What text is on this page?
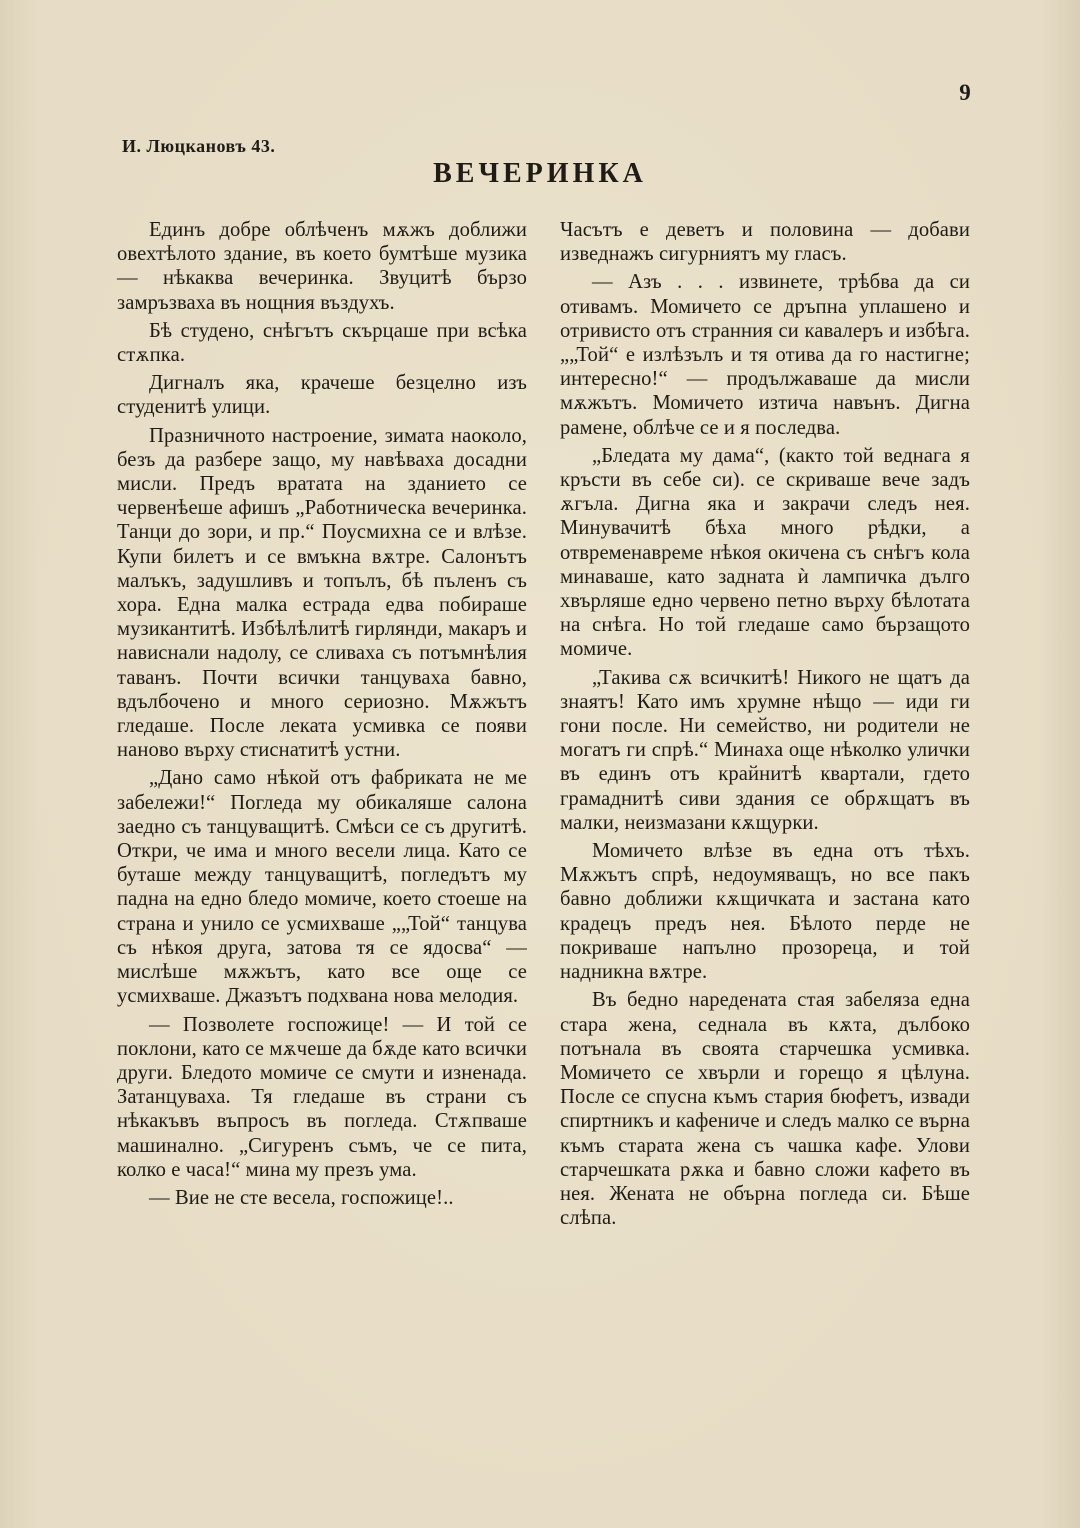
9
И. Люцкановъ 43.
ВЕЧЕРИНКА

Единъ добре облѣченъ мѫжъ доближи овехтѣлото здание, въ което бумтѣше музика — нѣкаква вечеринка. Звуцитѣ бързо замръзваха въ нощния въздухъ.

Бѣ студено, снѣгътъ скърцаше при всѣка стѫпка.

Дигналъ яка, крачеше безцелно изъ студенитѣ улици.

Празничното настроение, зимата наоколо, безъ да разбере защо, му навѣваха досадни мисли. Предъ вратата на зданието се червенѣеше афишъ „Работническа вечеринка. Танци до зори, и пр.“ Поусмихна се и влѣзе. Купи билетъ и се вмъкна вѫтре. Салонътъ малъкъ, задушливъ и топълъ, бѣ пъленъ съ хора. Една малка естрада едва побираше музикантитѣ. Избѣлѣлитѣ гирлянди, макаръ и нависнали надолу, се сливаха съ потъмнѣлия таванъ. Почти всички танцуваха бавно, вдълбочено и много сериозно. Мѫжътъ гледаше. После леката усмивка се появи наново върху стиснатитѣ устни.

„Дано само нѣкой отъ фабриката не ме забележи!“ Погледа му обикаляше салона заедно съ танцуващитѣ. Смѣси се съ другитѣ. Откри, че има и много весели лица. Като се буташе между танцуващитѣ, погледътъ му падна на едно бледо момиче, което стоеше на страна и унило се усмихваше „„Той“ танцува съ нѣкоя друга, затова тя се ядосва“ — мислѣше мѫжътъ, като все още се усмихваше. Джазътъ подхвана нова мелодия.

— Позволете госпожице! — И той се поклони, като се мѫчеше да бѫде като всички други. Бледото момиче се смути и изненада. Затанцуваха. Тя гледаше въ страни съ нѣкакъвъ въпросъ въ погледа. Стѫпваше машинално. „Сигуренъ съмъ, че се пита, колко е часа!“ мина му презъ ума.

— Вие не сте весела, госпожице!..

Часътъ е деветъ и половина — добави изведнажъ сигурниятъ му гласъ.

— Азъ . . . извинете, трѣбва да си отивамъ. Момичето се дръпна уплашено и отривисто отъ странния си кавалеръ и избѣга. „„Той“ е излѣзълъ и тя отива да го настигне; интересно!“ — продължаваше да мисли мѫжътъ. Момичето изтича навънъ. Дигна рамене, облѣче се и я последва.

„Бледата му дама“, (както той веднага я кръсти въ себе си). се скриваше вече задъ ѫгъла. Дигна яка и закрачи следъ нея. Минувачитѣ бѣха много рѣдки, а отвременавреме нѣкоя окичена съ снѣгъ кола минаваше, като задната ѝ лампичка дълго хвърляше едно червено петно върху бѣлотата на снѣга. Но той гледаше само бързащото момиче.

„Такива сѫ всичкитѣ! Никого не щатъ да знаятъ! Като имъ хрумне нѣщо — иди ги гони после. Ни семейство, ни родители не могатъ ги спрѣ.“ Минаха още нѣколко улички въ единъ отъ крайнитѣ квартали, гдето грамаднитѣ сиви здания се обрѫщатъ въ малки, неизмазани кѫщурки.

Момичето влѣзе въ една отъ тѣхъ. Мѫжътъ спрѣ, недоумяващъ, но все пакъ бавно доближи кѫщичката и застана като крадецъ предъ нея. Бѣлото перде не покриваше напълно прозореца, и той надникна вѫтре.

Въ бедно наредената стая забеляза една стара жена, седнала въ кѫта, дълбоко потънала въ своята старчешка усмивка. Момичето се хвърли и горещо я цѣлуна. После се спусна къмъ стария бюфетъ, извади спиртникъ и кафениче и следъ малко се върна къмъ старата жена съ чашка кафе. Улови старчешката рѫка и бавно сложи кафето въ нея. Жената не обърна погледа си. Бѣше слѣпа.
